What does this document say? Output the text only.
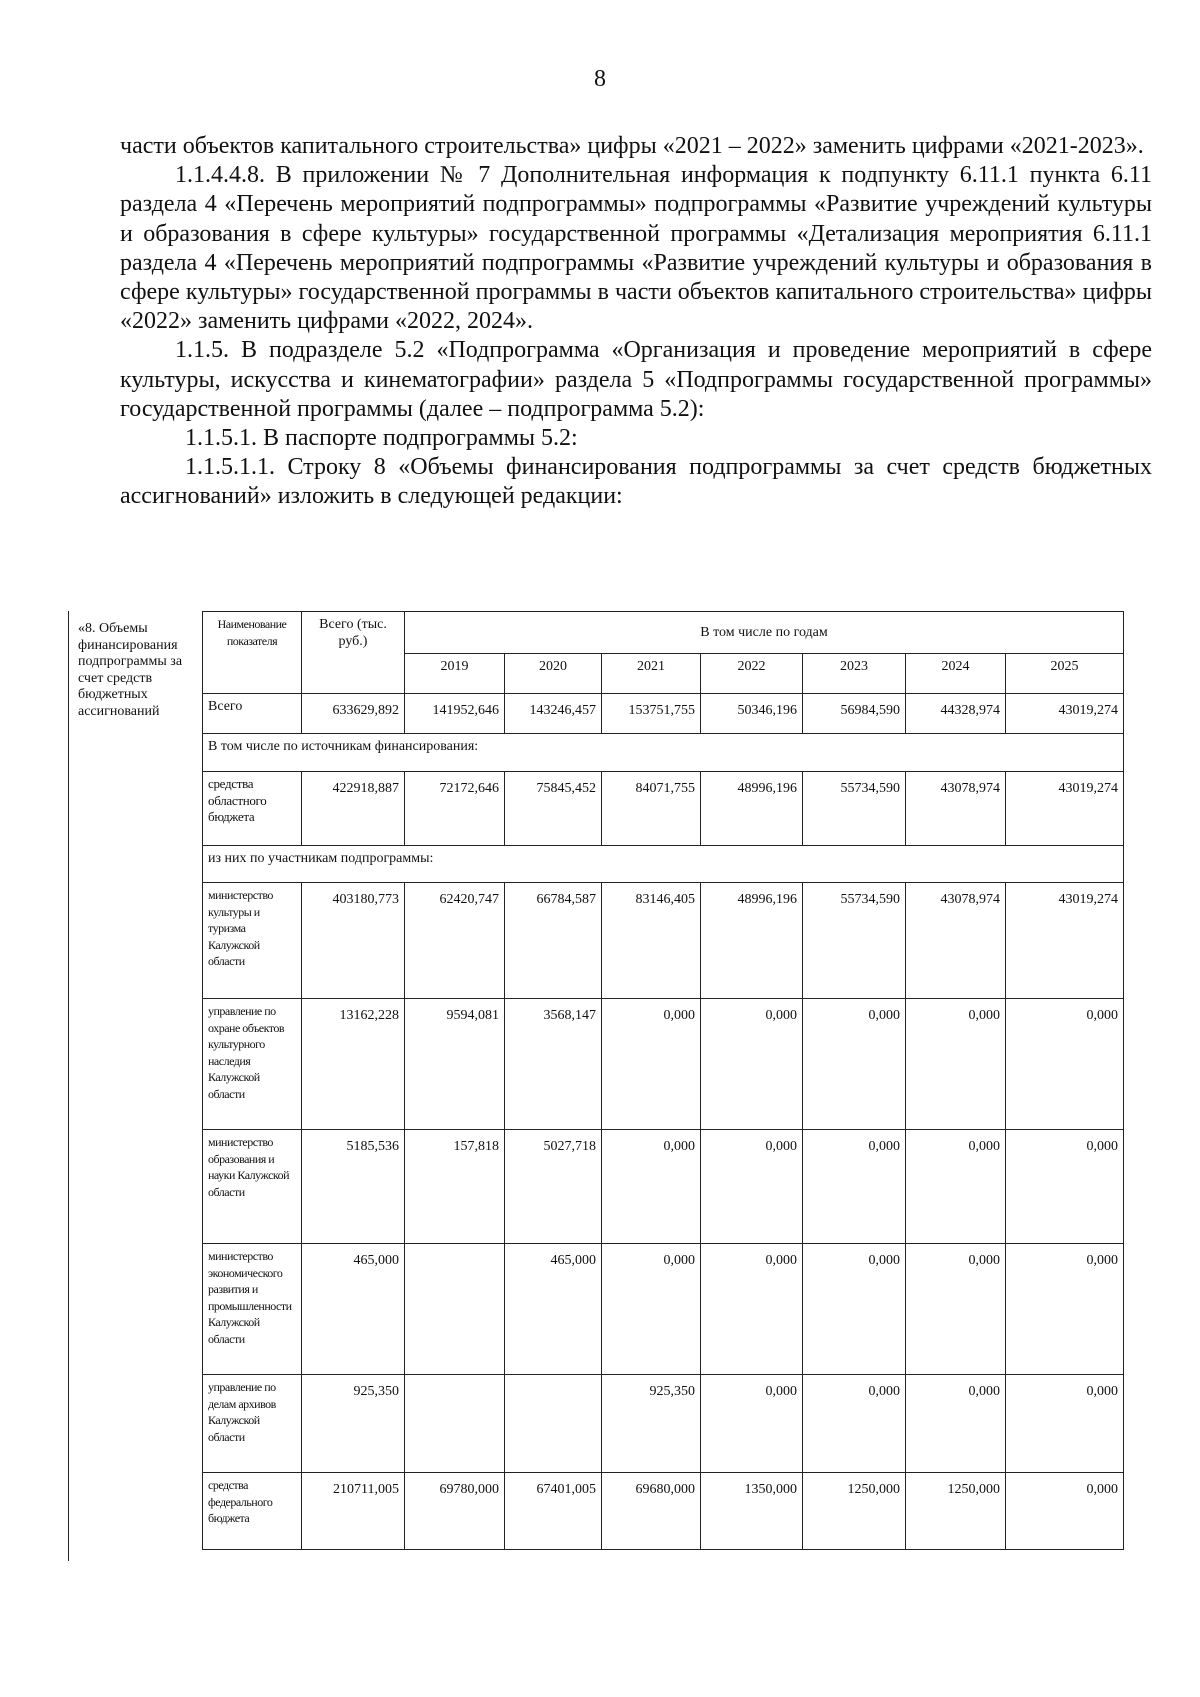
8

части объектов капитального строительства» цифры «2021 – 2022» заменить цифрами «2021-2023».

1.1.4.4.8. В приложении № 7 Дополнительная информация к подпункту 6.11.1 пункта 6.11 раздела 4 «Перечень мероприятий подпрограммы» подпрограммы «Развитие учреждений культуры и образования в сфере культуры» государственной программы «Детализация мероприятия 6.11.1 раздела 4 «Перечень мероприятий подпрограммы «Развитие учреждений культуры и образования в сфере культуры» государственной программы в части объектов капитального строительства» цифры «2022» заменить цифрами «2022, 2024».

1.1.5. В подразделе 5.2 «Подпрограмма «Организация и проведение мероприятий в сфере культуры, искусства и кинематографии» раздела 5 «Подпрограммы государственной программы» государственной программы (далее – подпрограмма 5.2):

1.1.5.1. В паспорте подпрограммы 5.2:

1.1.5.1.1. Строку 8 «Объемы финансирования подпрограммы за счет средств бюджетных ассигнований» изложить в следующей редакции:

«8. Объемы финансирования подпрограммы за счет средств бюджетных ассигнований
Наименование показателя	Всего (тыс. руб.)	В том числе по годам						
		2019	2020	2021	2022	2023	2024	2025
Всего	633629,892	141952,646	143246,457	153751,755	50346,196	56984,590	44328,974	43019,274
В том числе по источникам финансирования:								
средства областного бюджета	422918,887	72172,646	75845,452	84071,755	48996,196	55734,590	43078,974	43019,274
из них по участникам подпрограммы:								
министерство культуры и туризма Калужской области	403180,773	62420,747	66784,587	83146,405	48996,196	55734,590	43078,974	43019,274
управление по охране объектов культурного наследия Калужской области	13162,228	9594,081	3568,147	0,000	0,000	0,000	0,000	0,000
министерство образования и науки Калужской области	5185,536	157,818	5027,718	0,000	0,000	0,000	0,000	0,000
министерство экономического развития и промышленности Калужской области	465,000		465,000	0,000	0,000	0,000	0,000	0,000
управление по делам архивов Калужской области	925,350			925,350	0,000	0,000	0,000	0,000
средства федерального бюджета	210711,005	69780,000	67401,005	69680,000	1350,000	1250,000	1250,000	0,000
